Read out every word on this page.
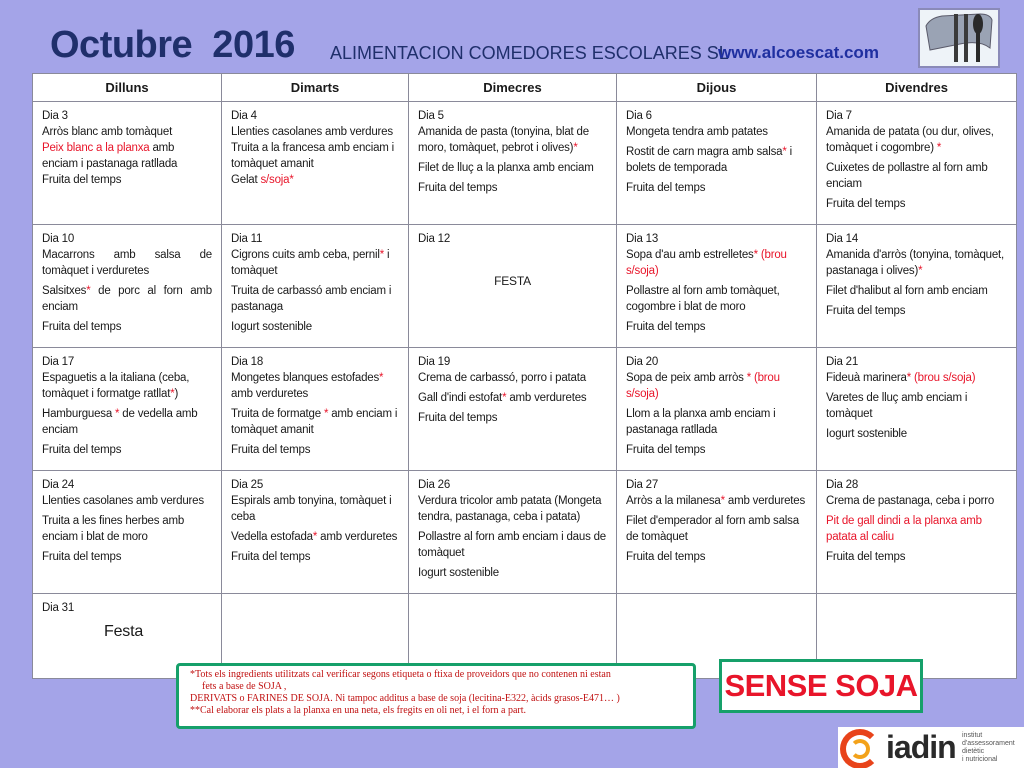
Octubre  2016 ALIMENTACION COMEDORES ESCOLARES SL
www.alcoescat.com
Dilluns	Dimarts	Dimecres	Dijous	Divendres

Dia 3
Arròs blanc amb tomàquet
Peix blanc a la planxa amb enciam i pastanaga ratllada
Fruita del temps	Dia 4
Llenties casolanes amb verdures
Truita a la francesa amb enciam i tomàquet amanit
Gelat s/soja*	Dia 5
Amanida de pasta (tonyina, blat de moro, tomàquet, pebrot i olives)*
Filet de lluç a la planxa amb enciam
Fruita del temps	Dia 6
Mongeta tendra amb patates
Rostit de carn magra amb salsa* i bolets de temporada
Fruita del temps	Dia 7
Amanida de patata (ou dur, olives, tomàquet i cogombre) *
Cuixetes de pollastre al forn amb enciam
Fruita del temps

Dia 10
Macarrons amb salsa de tomàquet i verduretes
Salsitxes* de porc al forn amb enciam
Fruita del temps	Dia 11
Cigrons cuits amb ceba, pernil* i tomàquet
Truita de carbassó amb enciam i pastanaga
Iogurt sostenible	Dia 12
FESTA	Dia 13
Sopa d'au amb estrelletes* (brou s/soja)
Pollastre al forn amb tomàquet, cogombre i blat de moro
Fruita del temps	Dia 14
Amanida d'arròs (tonyina, tomàquet, pastanaga i olives)*
Filet d'halibut al forn amb enciam
Fruita del temps

Dia 17
Espaguetis a la italiana (ceba, tomàquet i formatge ratllat*)
Hamburguesa * de vedella amb enciam
Fruita del temps	Dia 18
Mongetes blanques estofades* amb verduretes
Truita de formatge * amb enciam i tomàquet amanit
Fruita del temps	Dia 19
Crema de carbassó, porro i patata
Gall d'indi estofat* amb verduretes
Fruita del temps	Dia 20
Sopa de peix amb arròs * (brou s/soja)
Llom a la planxa amb enciam i pastanaga ratllada
Fruita del temps	Dia 21
Fideuà marinera* (brou s/soja)
Varetes de lluç amb enciam i tomàquet
Iogurt sostenible

Dia 24
Llenties casolanes amb verdures
Truita a les fines herbes amb enciam i blat de moro
Fruita del temps	Dia 25
Espirals amb tonyina, tomàquet i ceba
Vedella estofada* amb verduretes
Fruita del temps	Dia 26
Verdura tricolor amb patata (Mongeta tendra, pastanaga, ceba i patata)
Pollastre al forn amb enciam i daus de tomàquet
Iogurt sostenible	Dia 27
Arròs a la milanesa* amb verduretes
Filet d'emperador al forn amb salsa de tomàquet
Fruita del temps	Dia 28
Crema de pastanaga, ceba i porro
Pit de gall dindi a la planxa amb patata al caliu
Fruita del temps

Dia 31
Festa				

*Tots els ingredients utilitzats cal verificar segons etiqueta o ftixa de proveidors que no contenen ni estan
fets a base de SOJA ,
DERIVATS o FARINES DE SOJA. Ni tampoc additus a base de soja (lecitina-E322, àcids grasos-E471… )
**Cal elaborar els plats a la planxa en una neta, els fregits en oli net, i el forn a part.
SENSE SOJA
iadin institut
d'assessorament
dietètic
i nutricional
